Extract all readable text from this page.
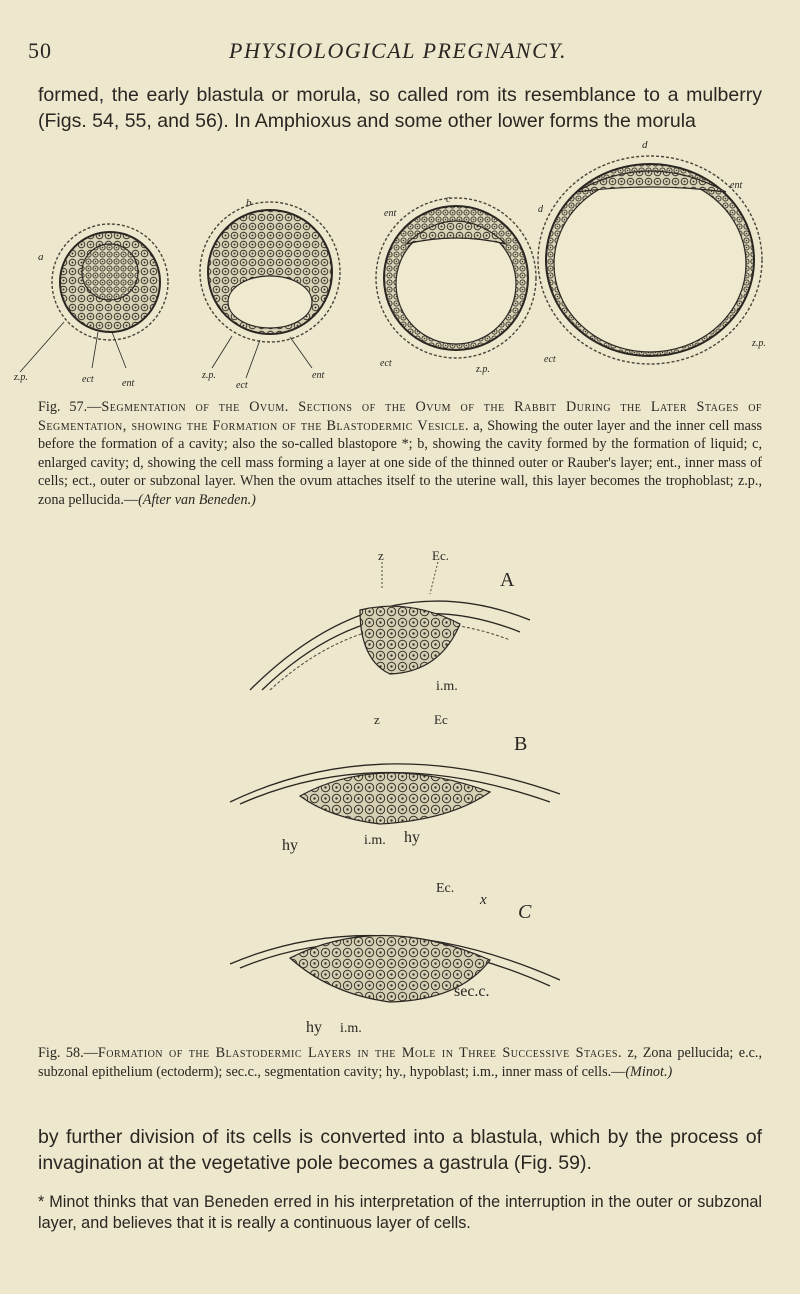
50	PHYSIOLOGICAL PREGNANCY.
formed, the early blastula or morula, so called rom its resemblance to a mulberry (Figs. 54, 55, and 56). In Amphioxus and some other lower forms the morula
a
z.p.	ect	ent
b
z.p.
ect
ent
c
ent
ect
z.p.
d
d
ent
z.p.
ect
Fig. 57.—Segmentation of the Ovum. Sections of the Ovum of the Rabbit During the Later Stages of Segmentation, showing the Formation of the Blastodermic Vesicle. a, Showing the outer layer and the inner cell mass before the formation of a cavity; also the so-called blastopore *; b, showing the cavity formed by the formation of liquid; c, enlarged cavity; d, showing the cell mass forming a layer at one side of the thinned outer or Rauber's layer; ent., inner mass of cells; ect., outer or subzonal layer. When the ovum attaches itself to the uterine wall, this layer becomes the trophoblast; z.p., zona pellucida.—(After van Beneden.)
z	Ec.
A
i.m.
z	Ec
B
i.m.
hy	hy
Ec.
x
C
sec.c.
hy i.m.
Fig. 58.—Formation of the Blastodermic Layers in the Mole in Three Successive Stages. z, Zona pellucida; e.c., subzonal epithelium (ectoderm); sec.c., segmentation cavity; hy., hypoblast; i.m., inner mass of cells.—(Minot.)
by further division of its cells is converted into a blastula, which by the process of invagination at the vegetative pole becomes a gastrula (Fig. 59).
* Minot thinks that van Beneden erred in his interpretation of the interruption in the outer or subzonal layer, and believes that it is really a continuous layer of cells.
